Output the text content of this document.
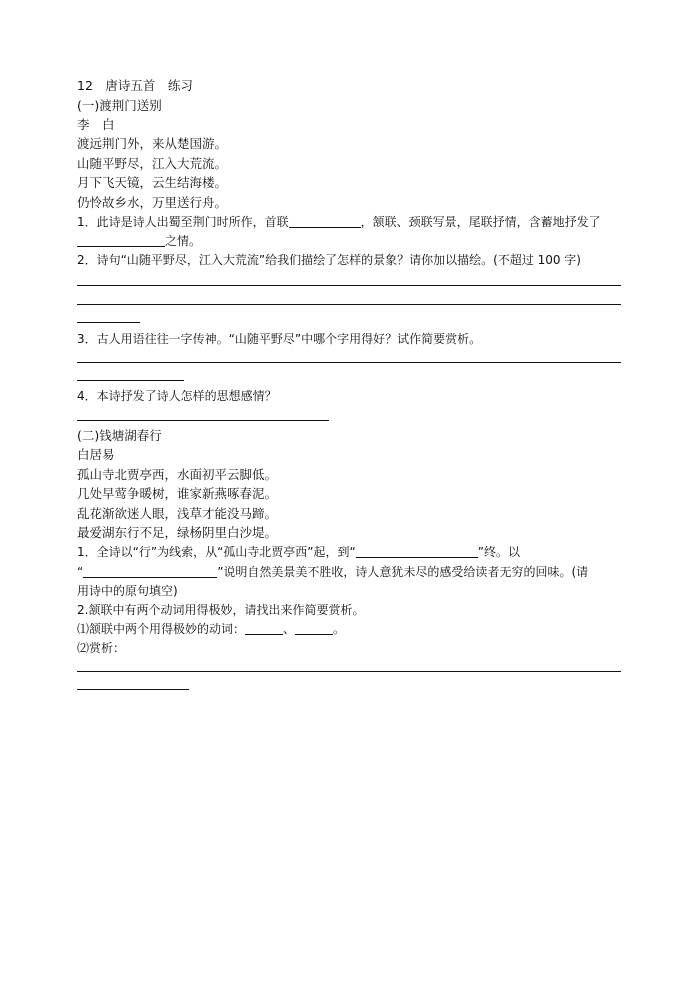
12　唐诗五首　练习
(一)渡荆门送别
李　白
渡远荆门外，来从楚国游。
山随平野尽，江入大荒流。
月下飞天镜，云生结海楼。
仍怜故乡水，万里送行舟。
1．此诗是诗人出蜀至荆门时所作，首联	，颔联、颈联写景，尾联抒情，含蓄地抒发了
之情。
2．诗句“山随平野尽，江入大荒流”给我们描绘了怎样的景象？请你加以描绘。(不超过 100 字)
3．古人用语往往一字传神。“山随平野尽”中哪个字用得好？试作简要赏析。
4．本诗抒发了诗人怎样的思想感情？
(二)钱塘湖春行
白居易
孤山寺北贾亭西，水面初平云脚低。
几处早莺争暖树，谁家新燕啄春泥。
乱花渐欲迷人眼，浅草才能没马蹄。
最爱湖东行不足，绿杨阴里白沙堤。
1．全诗以“行”为线索，从“孤山寺北贾亭西”起，到“	”终。以
“	”说明自然美景美不胜收，诗人意犹未尽的感受给读者无穷的回味。(请
用诗中的原句填空)
2.颔联中有两个动词用得极妙，请找出来作简要赏析。
⑴颔联中两个用得极妙的动词：	、	。
⑵赏析：
